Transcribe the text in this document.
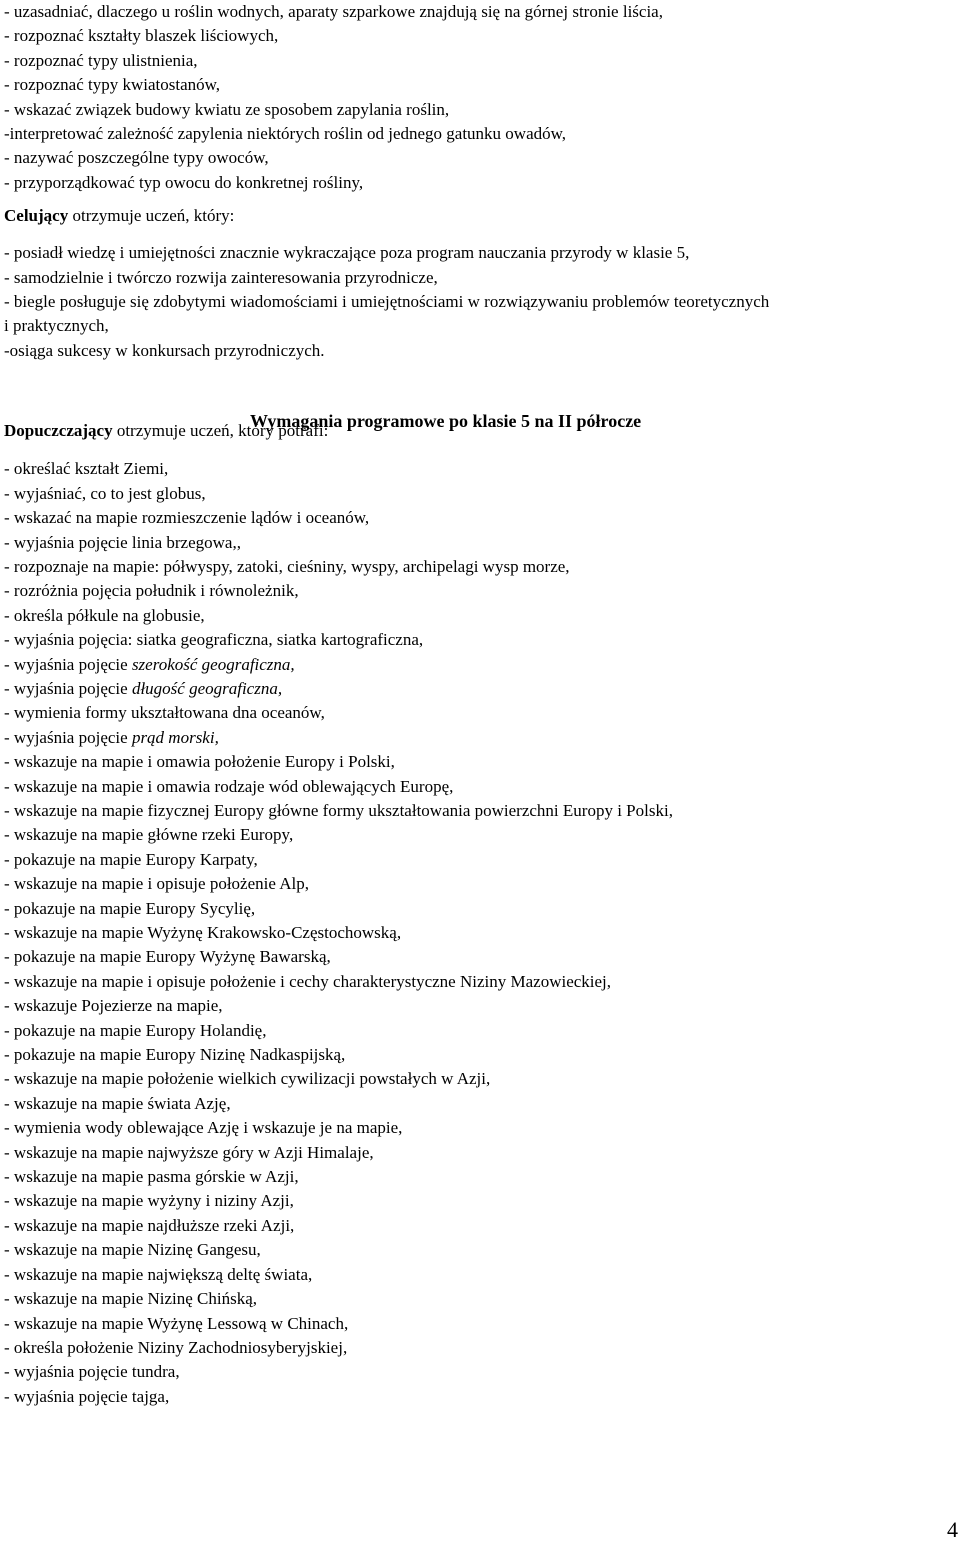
- uzasadniać, dlaczego u roślin wodnych, aparaty szparkowe znajdują się na górnej stronie liścia,
- rozpoznać kształty blaszek liściowych,
- rozpoznać typy ulistnienia,
- rozpoznać typy kwiatostanów,
- wskazać związek budowy kwiatu ze sposobem zapylania roślin,
-interpretować zależność zapylenia niektórych roślin od jednego gatunku owadów,
- nazywać poszczególne typy owoców,
- przyporządkować typ owocu do konkretnej rośliny,
Celujący otrzymuje uczeń, który:
- posiadł wiedzę i umiejętności znacznie wykraczające poza program nauczania przyrody w klasie 5,
- samodzielnie i twórczo rozwija zainteresowania przyrodnicze,
- biegle posługuje się zdobytymi wiadomościami i umiejętnościami w rozwiązywaniu problemów teoretycznych
i praktycznych,
-osiąga sukcesy w konkursach przyrodniczych.
Dopuczczający otrzymuje uczeń, który potrafi:
- określać kształt Ziemi,
- wyjaśniać, co to jest globus,
- wskazać na mapie rozmieszczenie lądów i oceanów,
- wyjaśnia pojęcie linia brzegowa,,
- rozpoznaje na mapie: półwyspy, zatoki, cieśniny, wyspy, archipelagi wysp morze,
- rozróżnia pojęcia południk i równoleżnik,
- określa półkule na globusie,
- wyjaśnia pojęcia: siatka geograficzna, siatka kartograficzna,
- wyjaśnia pojęcie szerokość geograficzna,
- wyjaśnia pojęcie długość geograficzna,
- wymienia formy ukształtowana dna oceanów,
- wyjaśnia pojęcie prąd morski,
- wskazuje na mapie i omawia położenie Europy i Polski,
- wskazuje na mapie i omawia rodzaje wód oblewających Europę,
- wskazuje na mapie fizycznej Europy główne formy ukształtowania powierzchni Europy i Polski,
- wskazuje na mapie główne rzeki Europy,
- pokazuje na mapie Europy Karpaty,
- wskazuje na mapie i opisuje położenie Alp,
- pokazuje na mapie Europy Sycylię,
- wskazuje na mapie Wyżynę Krakowsko-Częstochowską,
- pokazuje na mapie Europy Wyżynę Bawarską,
- wskazuje na mapie i opisuje położenie i cechy charakterystyczne Niziny Mazowieckiej,
- wskazuje Pojezierze na mapie,
- pokazuje na mapie Europy Holandię,
- pokazuje na mapie Europy Nizinę Nadkaspijską,
- wskazuje na mapie położenie wielkich cywilizacji powstałych w Azji,
- wskazuje na mapie świata Azję,
- wymienia wody oblewające Azję i wskazuje je na mapie,
- wskazuje na mapie najwyższe góry w Azji Himalaje,
- wskazuje na mapie pasma górskie w Azji,
- wskazuje na mapie wyżyny i niziny Azji,
- wskazuje na mapie najdłuższe rzeki Azji,
- wskazuje na mapie Nizinę Gangesu,
- wskazuje na mapie największą deltę świata,
- wskazuje na mapie Nizinę Chińską,
- wskazuje na mapie Wyżynę Lessową w Chinach,
- określa położenie Niziny Zachodniosyberyjskiej,
- wyjaśnia pojęcie tundra,
- wyjaśnia pojęcie tajga,
Wymagania programowe po klasie 5 na II półrocze
4
